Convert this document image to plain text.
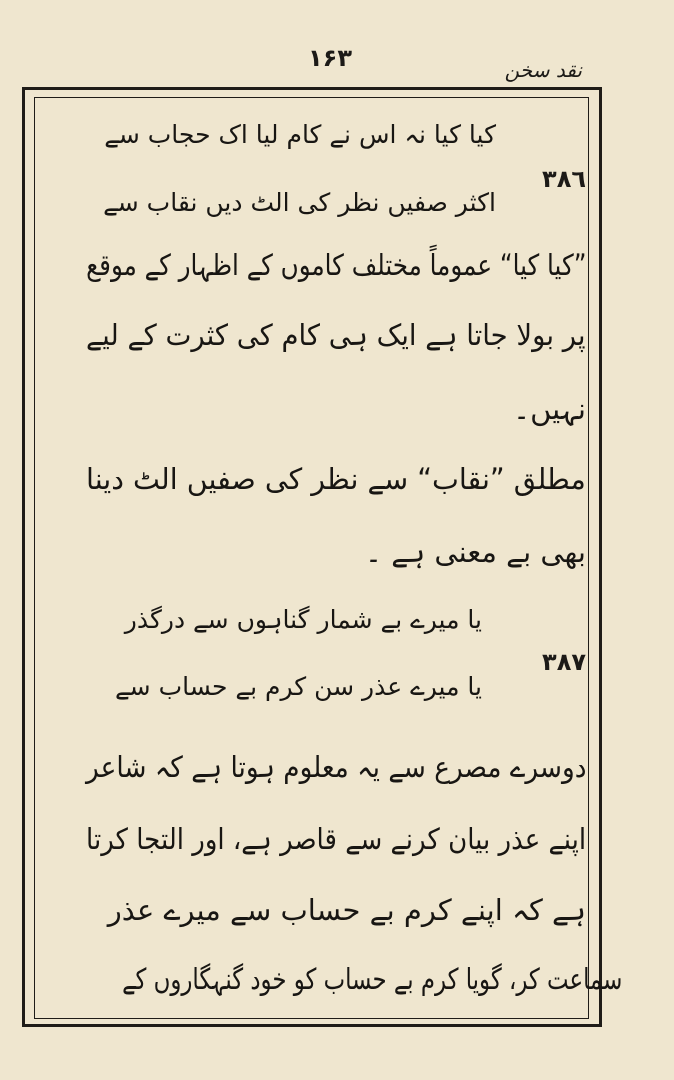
۱۶۳	نقد سخن
۳۸٦
کیا کیا نہ اس نے کام لیا اک حجاب سے
اکثر صفیں نظر کی الٹ دیں نقاب سے
”کیا کیا“ عموماً مختلف کاموں کے اظہار کے موقع
پر بولا جاتا ہے ایک ہی کام کی کثرت کے لیے
نہیں۔
مطلق ”نقاب“ سے نظر کی صفیں الٹ دینا
بھی بے معنی ہے ۔
۳۸۷
یا میرے بے شمار گناہوں سے درگذر
یا میرے عذر سن کرم بے حساب سے
دوسرے مصرع سے یہ معلوم ہوتا ہے کہ شاعر
اپنے عذر بیان کرنے سے قاصر ہے، اور التجا کرتا
ہے کہ اپنے کرم بے حساب سے میرے عذر
سماعت کر، گویا کرم بے حساب کو خود گنہگاروں کے
